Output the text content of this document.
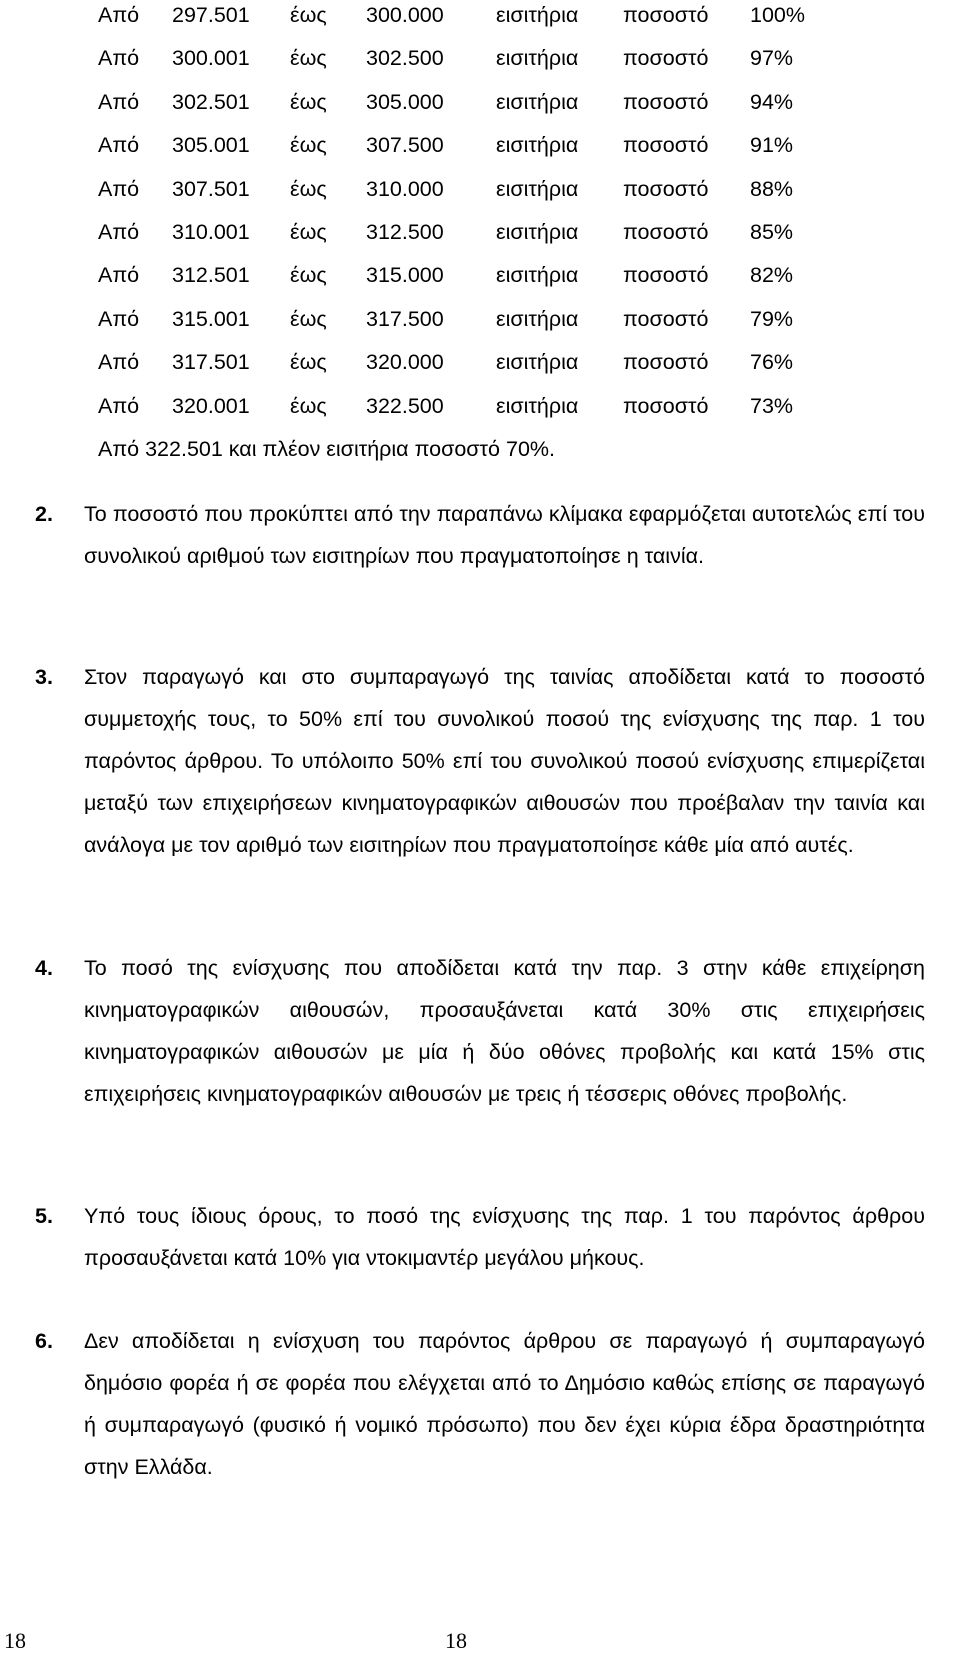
Από 297.501 έως 300.000 εισιτήρια ποσοστό 100%
Από 300.001 έως 302.500 εισιτήρια ποσοστό 97%
Από 302.501 έως 305.000 εισιτήρια ποσοστό 94%
Από 305.001 έως 307.500 εισιτήρια ποσοστό 91%
Από 307.501 έως 310.000 εισιτήρια ποσοστό 88%
Από 310.001 έως 312.500 εισιτήρια ποσοστό 85%
Από 312.501 έως 315.000 εισιτήρια ποσοστό 82%
Από 315.001 έως 317.500 εισιτήρια ποσοστό 79%
Από 317.501 έως 320.000 εισιτήρια ποσοστό 76%
Από 320.001 έως 322.500 εισιτήρια ποσοστό 73%
Από 322.501 και πλέον εισιτήρια ποσοστό 70%.
2. Το ποσοστό που προκύπτει από την παραπάνω κλίμακα εφαρμόζεται αυτοτελώς επί του συνολικού αριθμού των εισιτηρίων που πραγματοποίησε η ταινία.
3. Στον παραγωγό και στο συμπαραγωγό της ταινίας αποδίδεται κατά το ποσοστό συμμετοχής τους, το 50% επί του συνολικού ποσού της ενίσχυσης της παρ. 1 του παρόντος άρθρου. Το υπόλοιπο 50% επί του συνολικού ποσού ενίσχυσης επιμερίζεται μεταξύ των επιχειρήσεων κινηματογραφικών αιθουσών που προέβαλαν την ταινία και ανάλογα με τον αριθμό των εισιτηρίων που πραγματοποίησε κάθε μία από αυτές.
4. Το ποσό της ενίσχυσης που αποδίδεται κατά την παρ. 3 στην κάθε επιχείρηση κινηματογραφικών αιθουσών, προσαυξάνεται κατά 30% στις επιχειρήσεις κινηματογραφικών αιθουσών με μία ή δύο οθόνες προβολής και κατά 15% στις επιχειρήσεις κινηματογραφικών αιθουσών με τρεις ή τέσσερις οθόνες προβολής.
5. Υπό τους ίδιους όρους, το ποσό της ενίσχυσης της παρ. 1 του παρόντος άρθρου προσαυξάνεται κατά 10% για ντοκιμαντέρ μεγάλου μήκους.
6. Δεν αποδίδεται η ενίσχυση του παρόντος άρθρου σε παραγωγό ή συμπαραγωγό δημόσιο φορέα ή σε φορέα που ελέγχεται από το Δημόσιο καθώς επίσης σε παραγωγό ή συμπαραγωγό (φυσικό ή νομικό πρόσωπο) που δεν έχει κύρια έδρα δραστηριότητα στην Ελλάδα.
18	18
